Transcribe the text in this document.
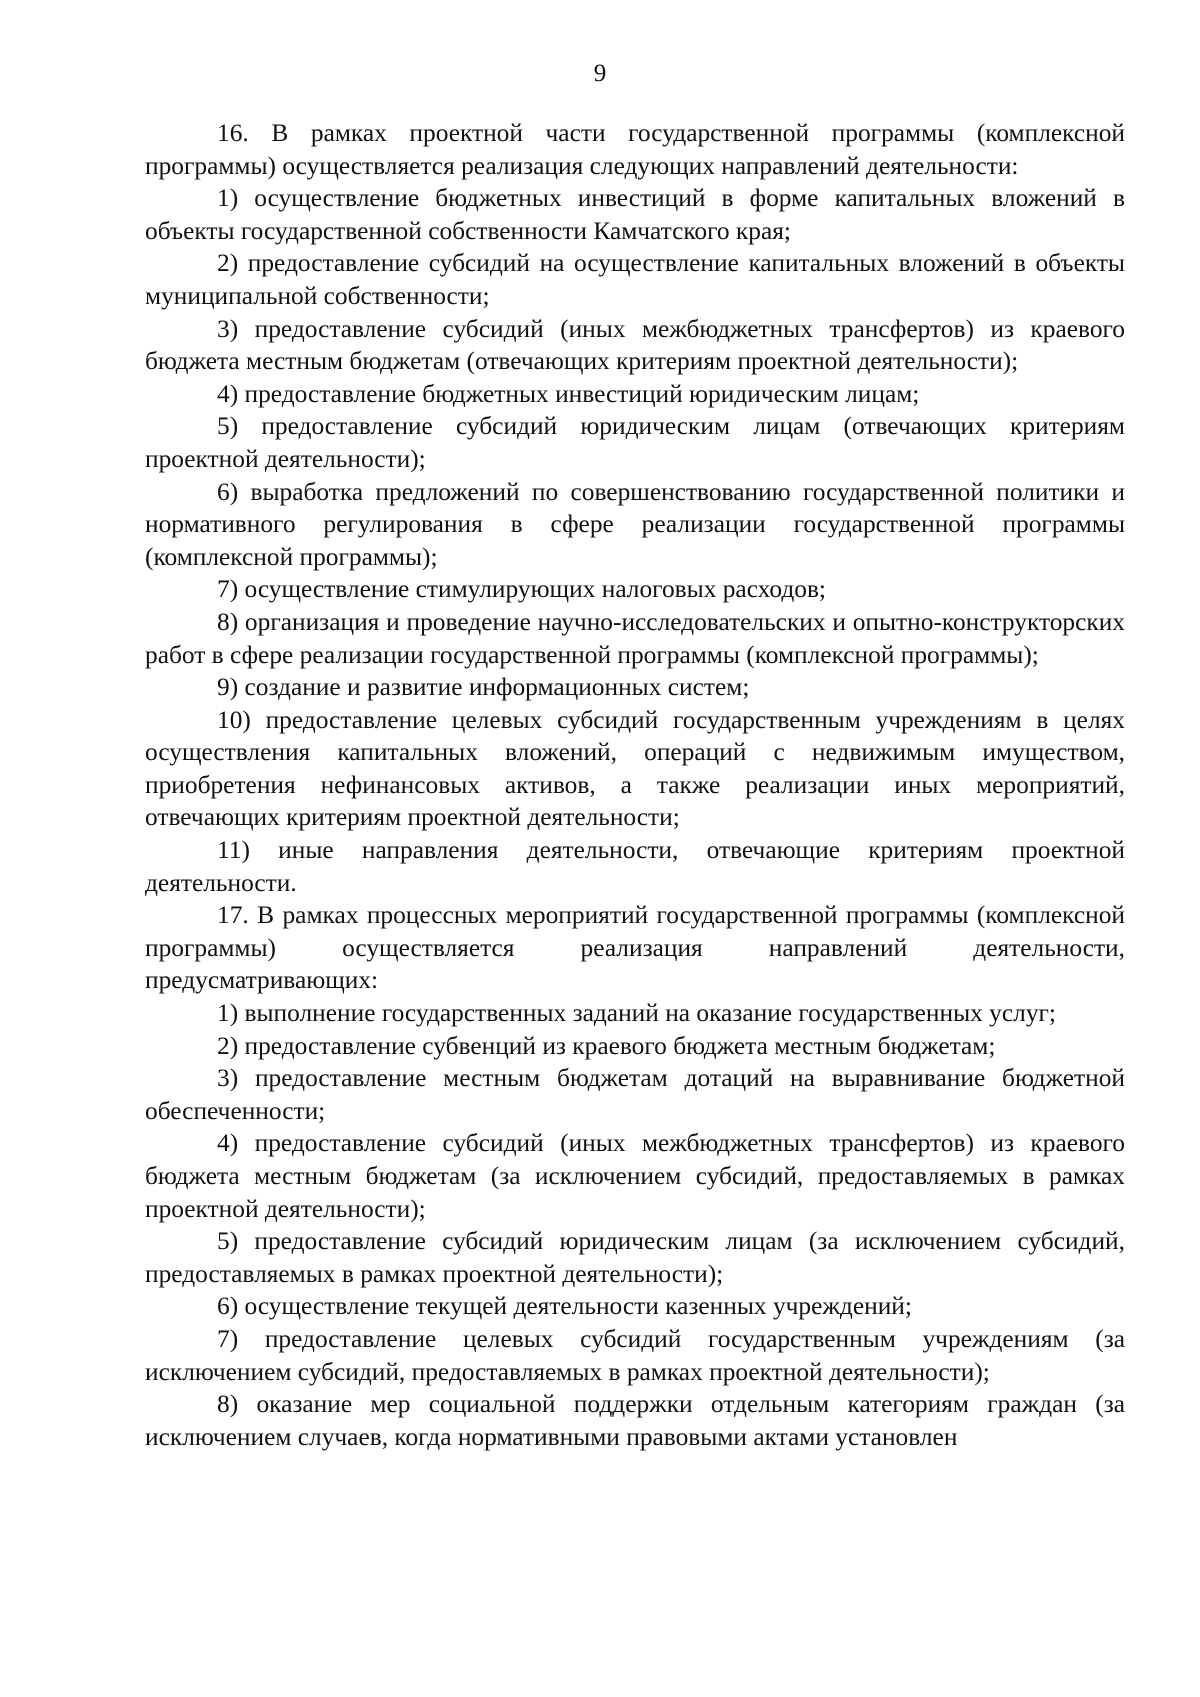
9

16. В рамках проектной части государственной программы (комплексной программы) осуществляется реализация следующих направлений деятельности:

1) осуществление бюджетных инвестиций в форме капитальных вложений в объекты государственной собственности Камчатского края;

2) предоставление субсидий на осуществление капитальных вложений в объекты муниципальной собственности;

3) предоставление субсидий (иных межбюджетных трансфертов) из краевого бюджета местным бюджетам (отвечающих критериям проектной деятельности);

4) предоставление бюджетных инвестиций юридическим лицам;

5) предоставление субсидий юридическим лицам (отвечающих критериям проектной деятельности);

6) выработка предложений по совершенствованию государственной политики и нормативного регулирования в сфере реализации государственной программы (комплексной программы);

7) осуществление стимулирующих налоговых расходов;

8) организация и проведение научно-исследовательских и опытно-конструкторских работ в сфере реализации государственной программы (комплексной программы);

9) создание и развитие информационных систем;

10) предоставление целевых субсидий государственным учреждениям в целях осуществления капитальных вложений, операций с недвижимым имуществом, приобретения нефинансовых активов, а также реализации иных мероприятий, отвечающих критериям проектной деятельности;

11) иные направления деятельности, отвечающие критериям проектной деятельности.

17. В рамках процессных мероприятий государственной программы (комплексной программы) осуществляется реализация направлений деятельности, предусматривающих:

1) выполнение государственных заданий на оказание государственных услуг;

2) предоставление субвенций из краевого бюджета местным бюджетам;

3) предоставление местным бюджетам дотаций на выравнивание бюджетной обеспеченности;

4) предоставление субсидий (иных межбюджетных трансфертов) из краевого бюджета местным бюджетам (за исключением субсидий, предоставляемых в рамках проектной деятельности);

5) предоставление субсидий юридическим лицам (за исключением субсидий, предоставляемых в рамках проектной деятельности);

6) осуществление текущей деятельности казенных учреждений;

7) предоставление целевых субсидий государственным учреждениям (за исключением субсидий, предоставляемых в рамках проектной деятельности);

8) оказание мер социальной поддержки отдельным категориям граждан (за исключением случаев, когда нормативными правовыми актами установлен
